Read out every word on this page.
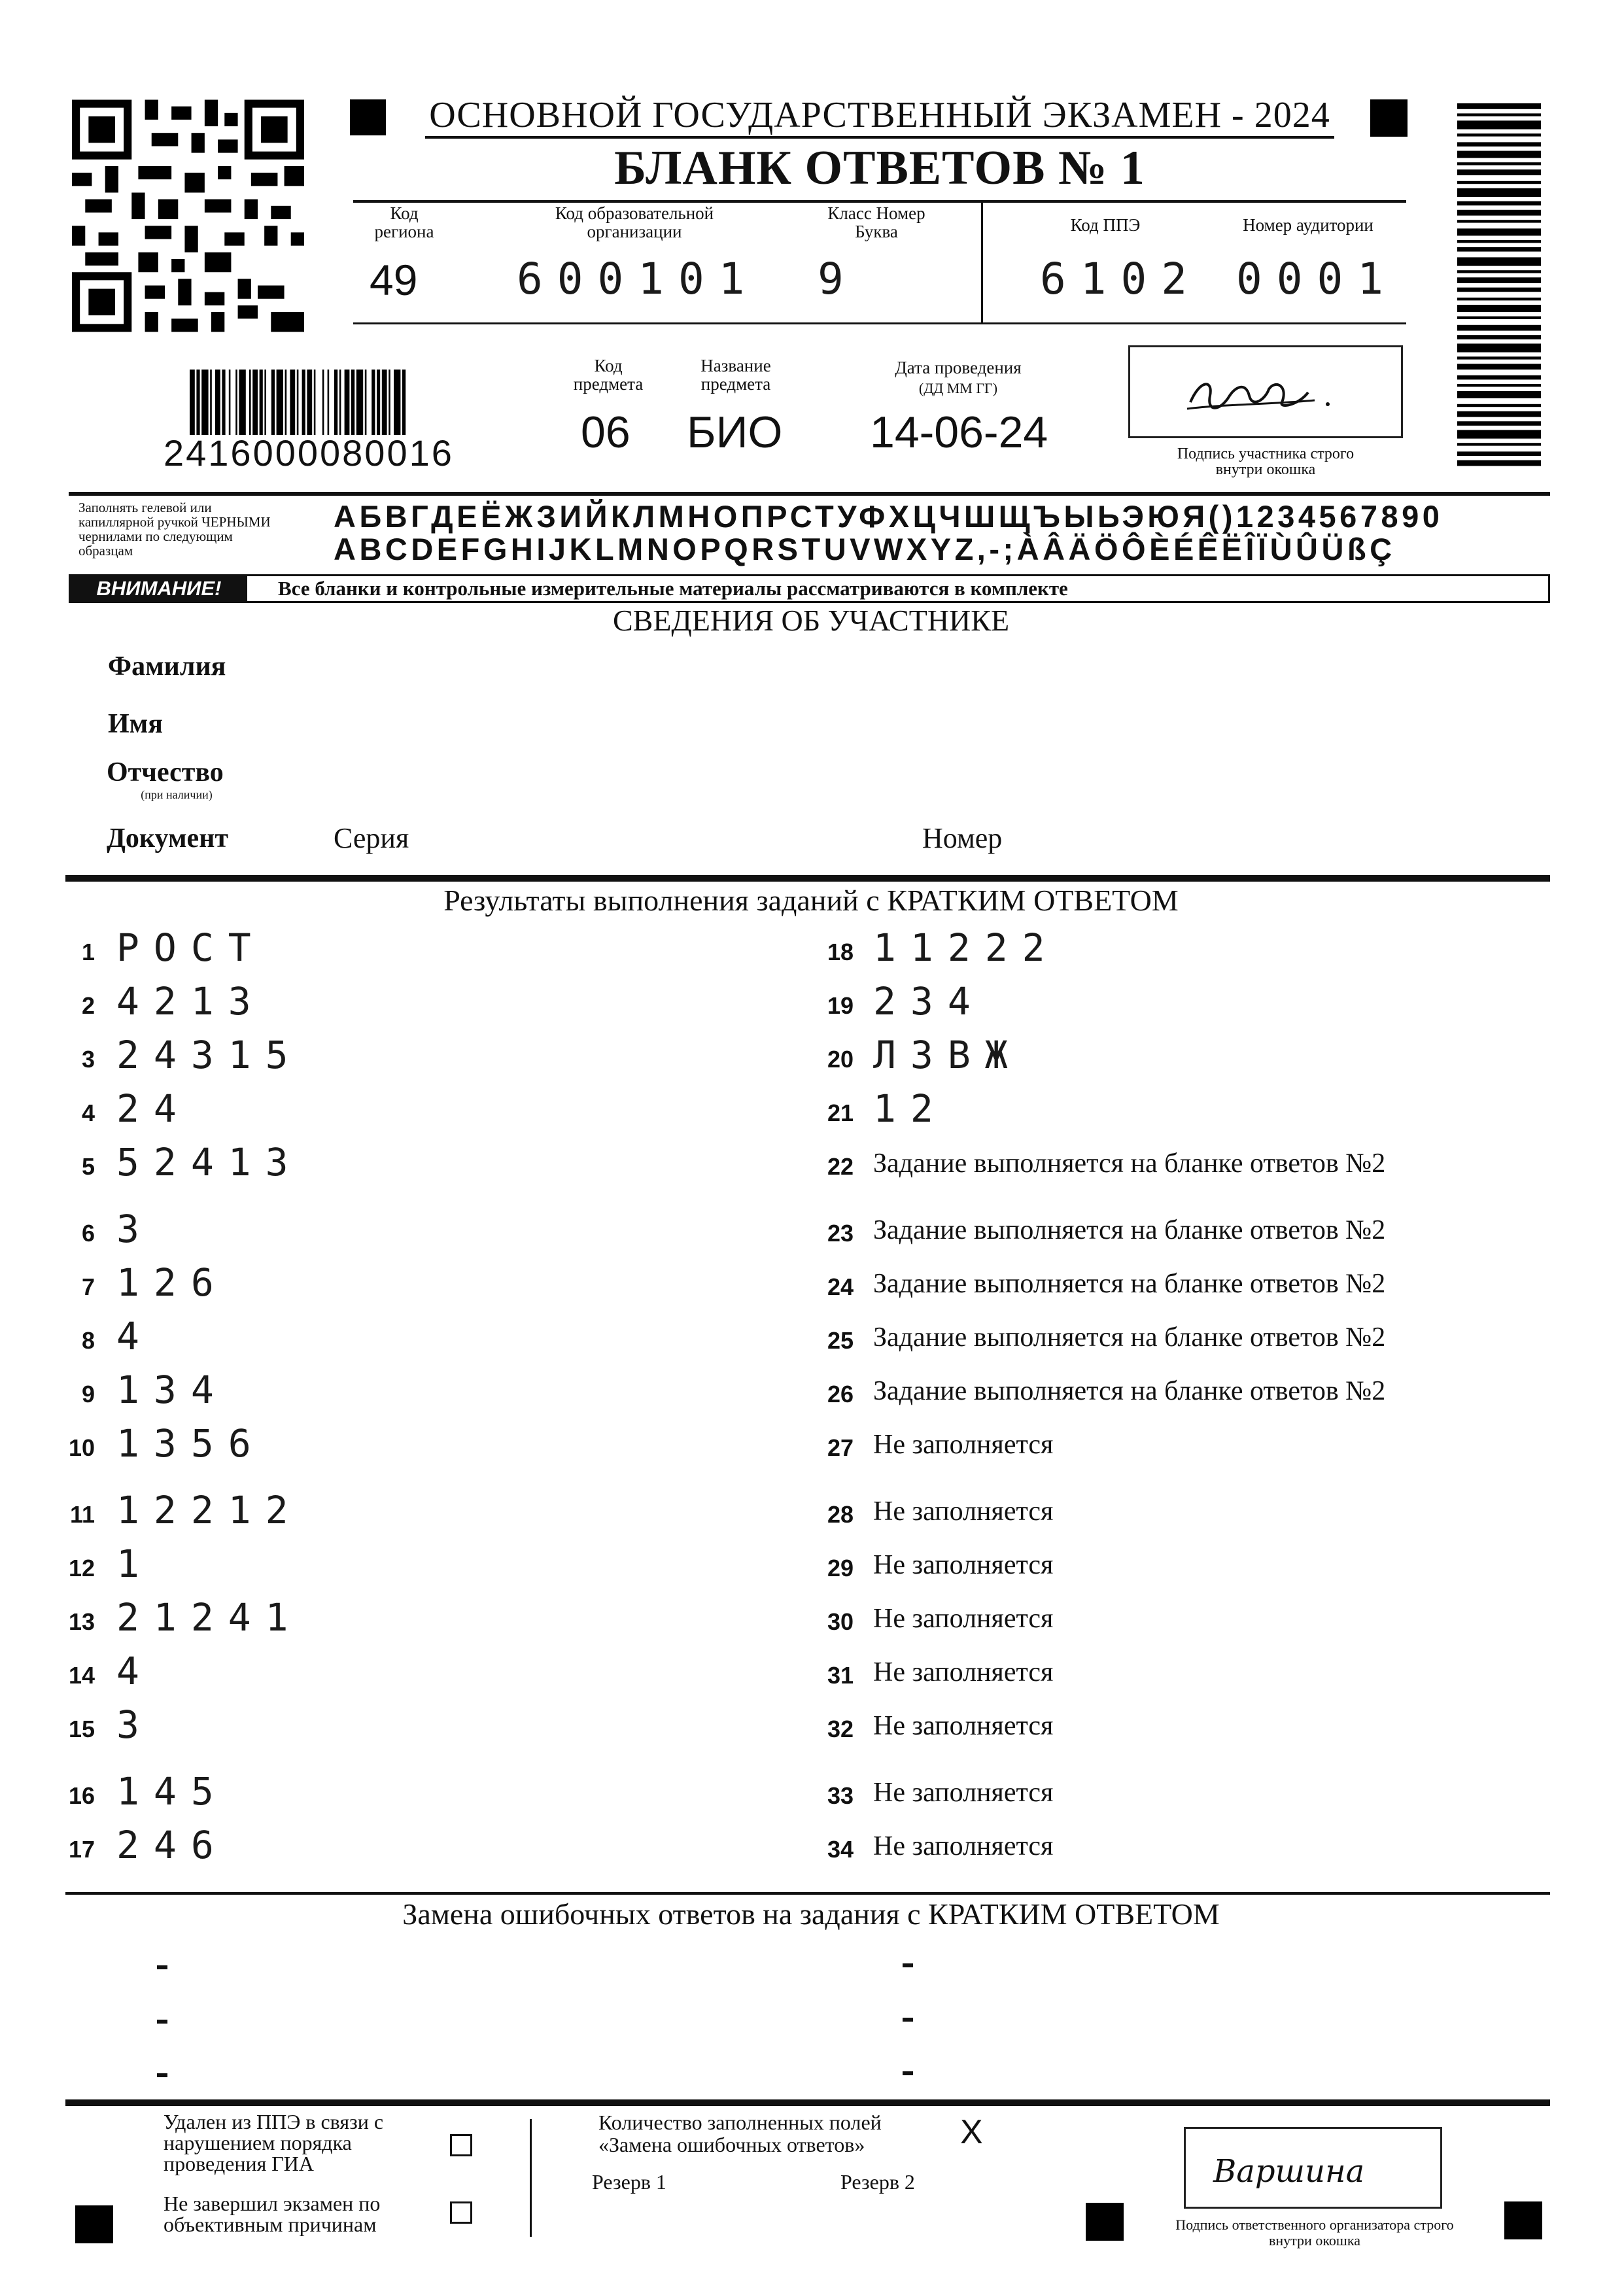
ОСНОВНОЙ ГОСУДАРСТВЕННЫЙ ЭКЗАМЕН - 2024
БЛАНК ОТВЕТОВ № 1
Код региона
49
Код образовательной организации
600101
Класс Номер Буква
9
Код ППЭ
6102
Номер аудитории
0001
2416000080016
Код предмета
06
Название предмета
БИО
Дата проведения
(ДД ММ ГГ)
14-06-24	Подпись участника строго внутри окошка
Заполнять гелевой или капиллярной ручкой ЧЕРНЫМИ чернилами по следующим образцам
АБВГДЕЁЖЗИЙКЛМНОПРСТУФХЦЧШЩЪЫЬЭЮЯ()1234567890
ABCDEFGHIJKLMNOPQRSTUVWXYZ,-;ÀÂÄÖÔÈÉÊËÎÏÙÛÜßÇ
ВНИМАНИЕ!	Все бланки и контрольные измерительные материалы рассматриваются в комплекте
СВЕДЕНИЯ ОБ УЧАСТНИКЕ
Фамилия
Имя
Отчество
(при наличии)
Документ	Серия	Номер
Результаты выполнения заданий с КРАТКИМ ОТВЕТОМ
1 РОСТ
2 4213
3 24315
4 24
5 52413
6 3
7 126
8 4
9 134
10 1356
11 12212
12 1
13 21241
14 4
15 3
16 145
17 246
18 11222
19 234
20 Л3ВЖ
21 12
22 Задание выполняется на бланке ответов №2
23 Задание выполняется на бланке ответов №2
24 Задание выполняется на бланке ответов №2
25 Задание выполняется на бланке ответов №2
26 Задание выполняется на бланке ответов №2
27 Не заполняется
28 Не заполняется
29 Не заполняется
30 Не заполняется
31 Не заполняется
32 Не заполняется
33 Не заполняется
34 Не заполняется
Замена ошибочных ответов на задания с КРАТКИМ ОТВЕТОМ
Удален из ППЭ в связи с нарушением порядка проведения ГИА
Не завершил экзамен по объективным причинам
Количество заполненных полей «Замена ошибочных ответов»	X
Резерв 1	Резерв 2	Варшина
Подпись ответственного организатора строго внутри окошка
